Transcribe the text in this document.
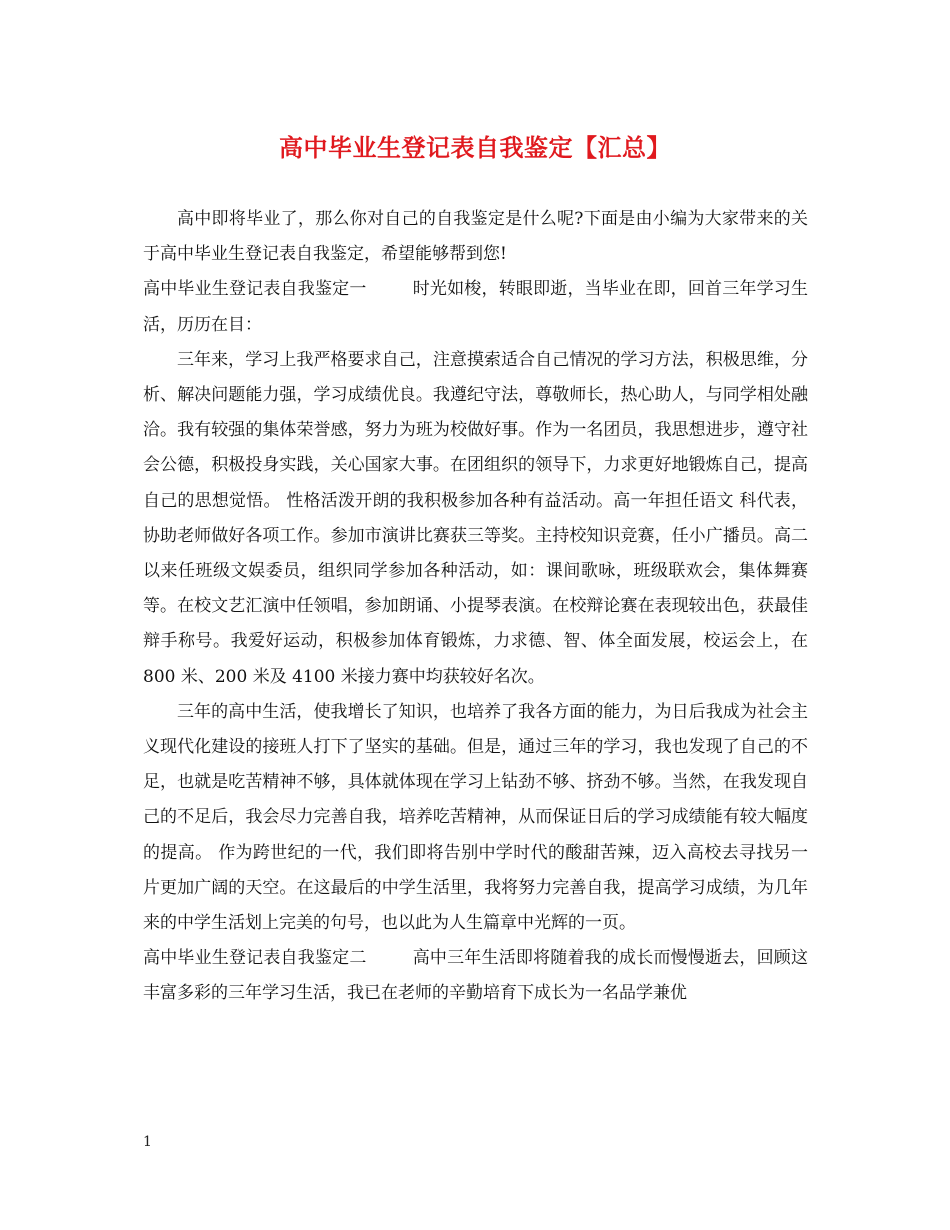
高中毕业生登记表自我鉴定【汇总】

高中即将毕业了，那么你对自己的自我鉴定是什么呢?下面是由小编为大家带来的关于高中毕业生登记表自我鉴定，希望能够帮到您!

高中毕业生登记表自我鉴定一	时光如梭，转眼即逝，当毕业在即，回首三年学习生活，历历在目：

三年来，学习上我严格要求自己，注意摸索适合自己情况的学习方法，积极思维，分析、解决问题能力强，学习成绩优良。我遵纪守法，尊敬师长，热心助人，与同学相处融洽。我有较强的集体荣誉感，努力为班为校做好事。作为一名团员，我思想进步，遵守社会公德，积极投身实践，关心国家大事。在团组织的领导下，力求更好地锻炼自己，提高自己的思想觉悟。 性格活泼开朗的我积极参加各种有益活动。高一年担任语文 科代表，协助老师做好各项工作。参加市演讲比赛获三等奖。主持校知识竞赛，任小广播员。高二以来任班级文娱委员，组织同学参加各种活动，如：课间歌咏，班级联欢会，集体舞赛等。在校文艺汇演中任领唱，参加朗诵、小提琴表演。在校辩论赛在表现较出色，获最佳辩手称号。我爱好运动，积极参加体育锻炼，力求德、智、体全面发展，校运会上，在 800 米、200 米及 4100 米接力赛中均获较好名次。

三年的高中生活，使我增长了知识，也培养了我各方面的能力，为日后我成为社会主义现代化建设的接班人打下了坚实的基础。但是，通过三年的学习，我也发现了自己的不足，也就是吃苦精神不够，具体就体现在学习上钻劲不够、挤劲不够。当然，在我发现自己的不足后，我会尽力完善自我，培养吃苦精神，从而保证日后的学习成绩能有较大幅度的提高。 作为跨世纪的一代，我们即将告别中学时代的酸甜苦辣，迈入高校去寻找另一片更加广阔的天空。在这最后的中学生活里，我将努力完善自我，提高学习成绩，为几年来的中学生活划上完美的句号，也以此为人生篇章中光辉的一页。

高中毕业生登记表自我鉴定二	高中三年生活即将随着我的成长而慢慢逝去，回顾这丰富多彩的三年学习生活，我已在老师的辛勤培育下成长为一名品学兼优

1
